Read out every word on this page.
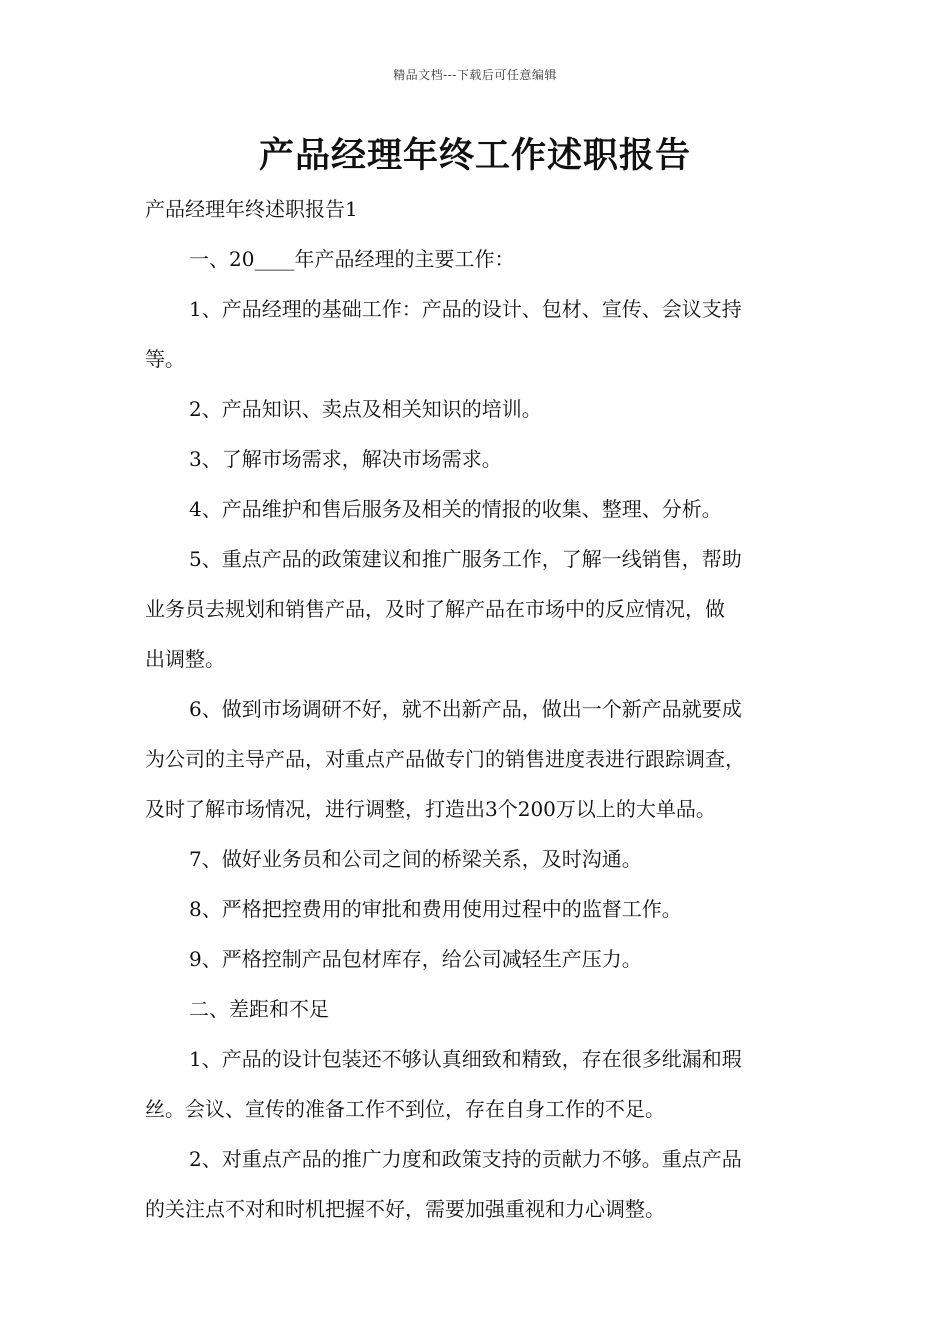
精品文档---下载后可任意编辑
产品经理年终工作述职报告

产品经理年终述职报告1

一、20____年产品经理的主要工作：

1、产品经理的基础工作：产品的设计、包材、宣传、会议支持
等。

2、产品知识、卖点及相关知识的培训。

3、了解市场需求，解决市场需求。

4、产品维护和售后服务及相关的情报的收集、整理、分析。

5、重点产品的政策建议和推广服务工作，了解一线销售，帮助
业务员去规划和销售产品，及时了解产品在市场中的反应情况，做
出调整。

6、做到市场调研不好，就不出新产品，做出一个新产品就要成
为公司的主导产品，对重点产品做专门的销售进度表进行跟踪调查，
及时了解市场情况，进行调整，打造出3个200万以上的大单品。

7、做好业务员和公司之间的桥梁关系，及时沟通。

8、严格把控费用的审批和费用使用过程中的监督工作。

9、严格控制产品包材库存，给公司减轻生产压力。

二、差距和不足

1、产品的设计包装还不够认真细致和精致，存在很多纰漏和瑕
丝。会议、宣传的准备工作不到位，存在自身工作的不足。

2、对重点产品的推广力度和政策支持的贡献力不够。重点产品
的关注点不对和时机把握不好，需要加强重视和力心调整。
